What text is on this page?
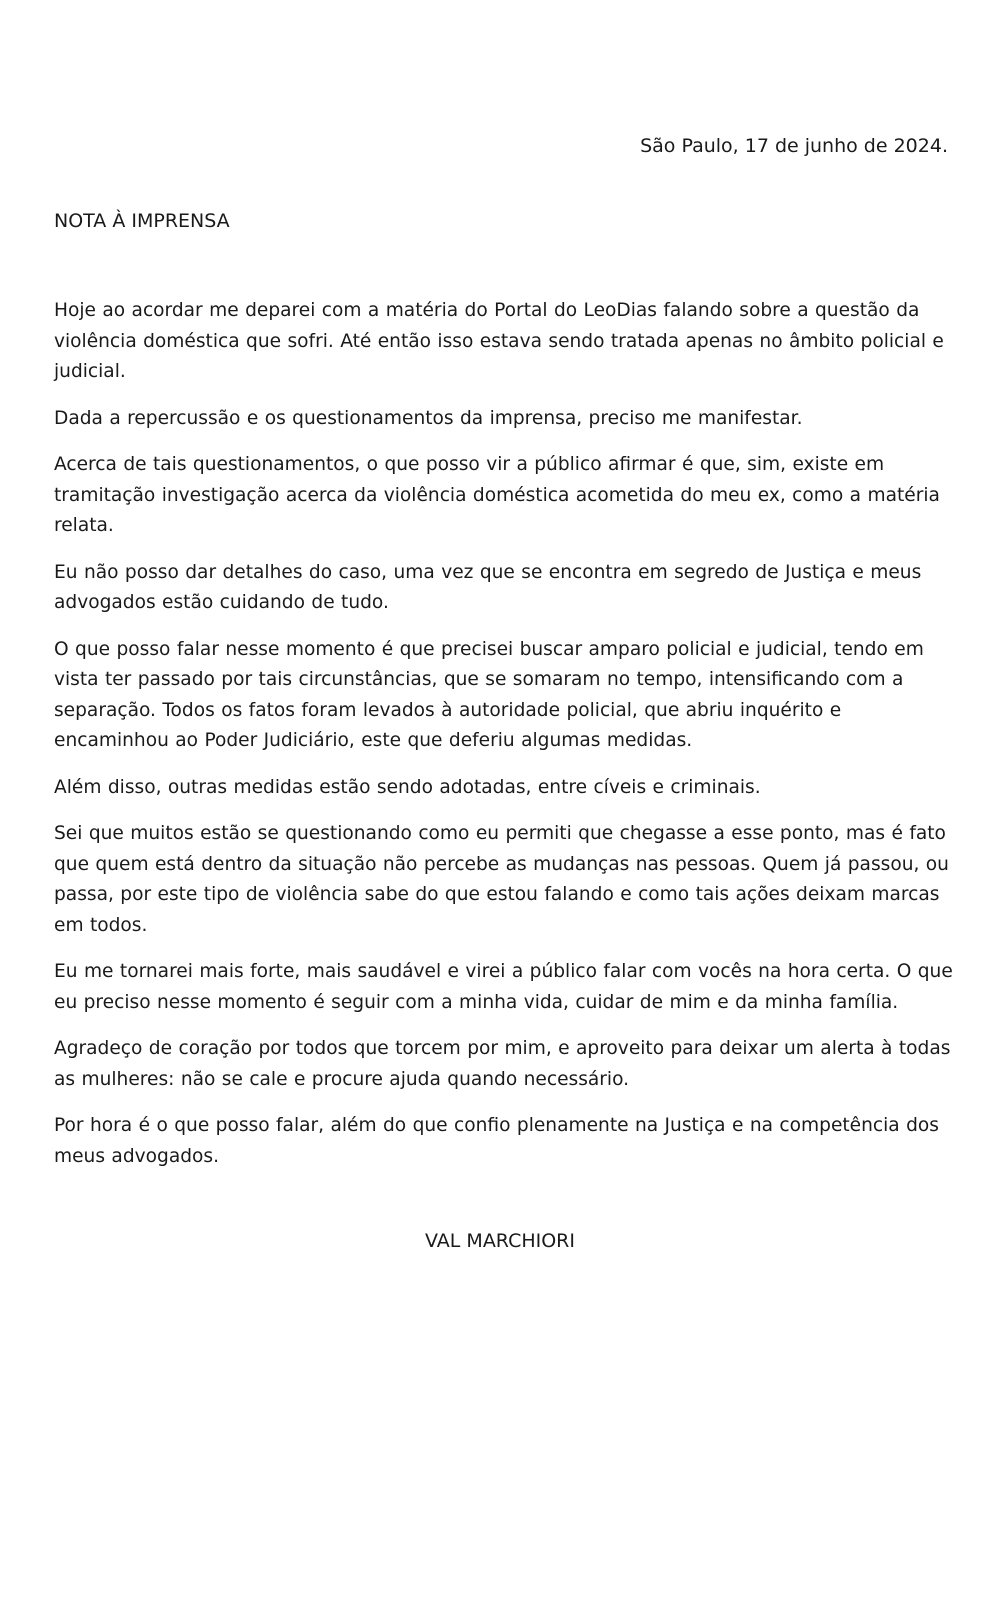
São Paulo, 17 de junho de 2024.
NOTA À IMPRENSA

Hoje ao acordar me deparei com a matéria do Portal do LeoDias falando sobre a questão da violência doméstica que sofri. Até então isso estava sendo tratada apenas no âmbito policial e judicial.

Dada a repercussão e os questionamentos da imprensa, preciso me manifestar.

Acerca de tais questionamentos, o que posso vir a público afirmar é que, sim, existe em tramitação investigação acerca da violência doméstica acometida do meu ex, como a matéria relata.

Eu não posso dar detalhes do caso, uma vez que se encontra em segredo de Justiça e meus advogados estão cuidando de tudo.

O que posso falar nesse momento é que precisei buscar amparo policial e judicial, tendo em vista ter passado por tais circunstâncias, que se somaram no tempo, intensificando com a separação. Todos os fatos foram levados à autoridade policial, que abriu inquérito e encaminhou ao Poder Judiciário, este que deferiu algumas medidas.

Além disso, outras medidas estão sendo adotadas, entre cíveis e criminais.

Sei que muitos estão se questionando como eu permiti que chegasse a esse ponto, mas é fato que quem está dentro da situação não percebe as mudanças nas pessoas. Quem já passou, ou passa, por este tipo de violência sabe do que estou falando e como tais ações deixam marcas em todos.

Eu me tornarei mais forte, mais saudável e virei a público falar com vocês na hora certa. O que eu preciso nesse momento é seguir com a minha vida, cuidar de mim e da minha família.

Agradeço de coração por todos que torcem por mim, e aproveito para deixar um alerta à todas as mulheres: não se cale e procure ajuda quando necessário.

Por hora é o que posso falar, além do que confio plenamente na Justiça e na competência dos meus advogados.

VAL MARCHIORI
